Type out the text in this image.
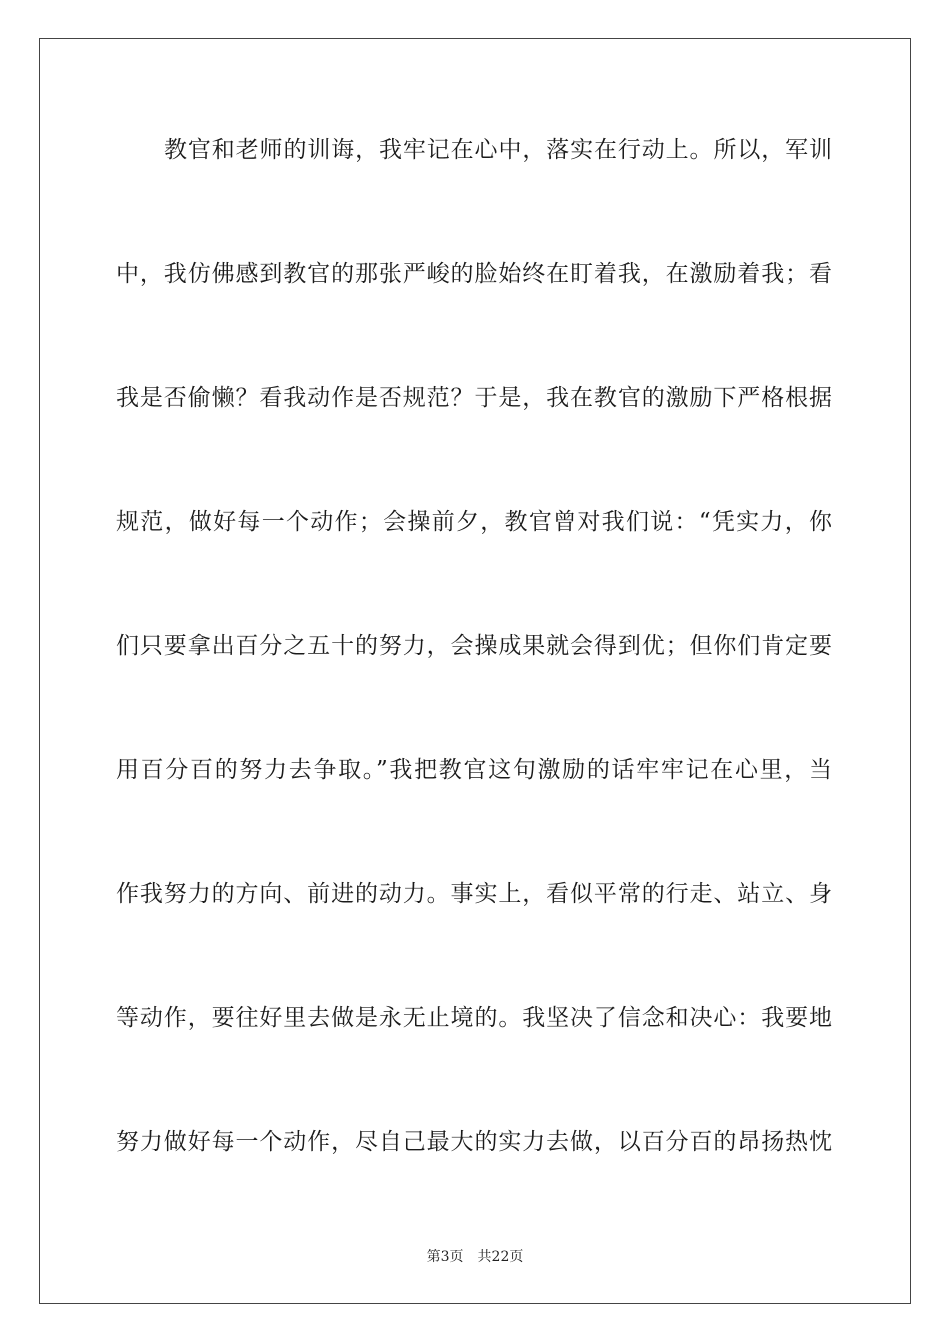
教官和老师的训诲，我牢记在心中，落实在行动上。所以，军训

中，我仿佛感到教官的那张严峻的脸始终在盯着我，在激励着我；看

我是否偷懒？看我动作是否规范？于是，我在教官的激励下严格根据

规范，做好每一个动作；会操前夕，教官曾对我们说：“凭实力，你

们只要拿出百分之五十的努力，会操成果就会得到优；但你们肯定要

用百分百的努力去争取。”我把教官这句激励的话牢牢记在心里，当

作我努力的方向、前进的动力。事实上，看似平常的行走、站立、身

等动作，要往好里去做是永无止境的。我坚决了信念和决心：我要地

努力做好每一个动作，尽自己最大的实力去做，以百分百的昂扬热忱

第3页 共22页
